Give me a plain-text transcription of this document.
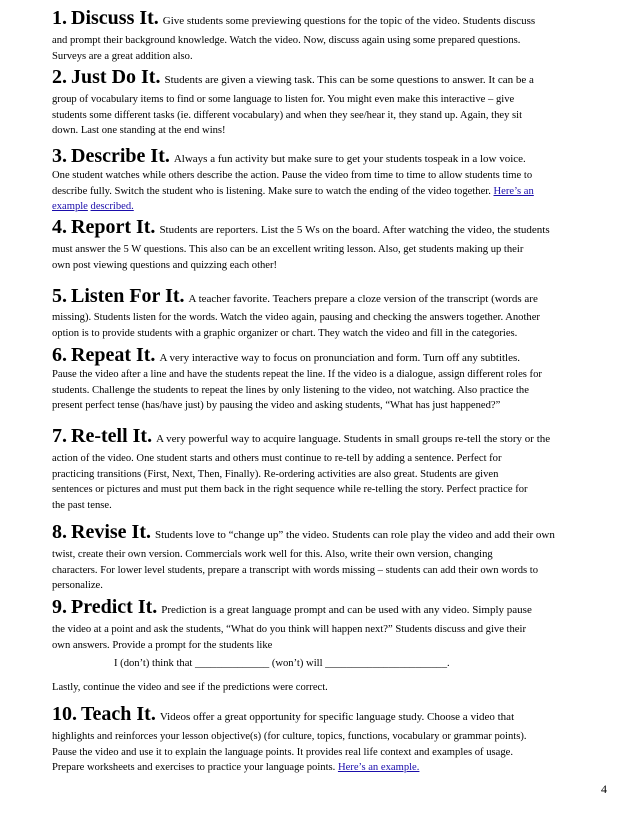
1. Discuss It. Give students some previewing questions for the topic of the video. Students discuss
and prompt their background knowledge. Watch the video. Now, discuss again using some prepared questions.
Surveys are a great addition also.
2. Just Do It. Students are given a viewing task. This can be some questions to answer. It can be a
group of vocabulary items to find or some language to listen for. You might even make this interactive – give
students some different tasks (ie. different vocabulary) and when they see/hear it, they stand up. Again, they sit
down. Last one standing at the end wins!
3. Describe It. Always a fun activity but make sure to get your students tospeak in a low voice.
One student watches while others describe the action. Pause the video from time to time to allow students time to
describe fully. Switch the student who is listening. Make sure to watch the ending of the video together. Here’s an
example described.
4. Report It. Students are reporters. List the 5 Ws on the board. After watching the video, the students
must answer the 5 W questions. This also can be an excellent writing lesson. Also, get students making up their
own post viewing questions and quizzing each other!
5. Listen For It. A teacher favorite. Teachers prepare a cloze version of the transcript (words are
missing). Students listen for the words. Watch the video again, pausing and checking the answers together. Another
option is to provide students with a graphic organizer or chart. They watch the video and fill in the categories.
6. Repeat It. A very interactive way to focus on pronunciation and form. Turn off any subtitles.
Pause the video after a line and have the students repeat the line. If the video is a dialogue, assign different roles for
students. Challenge the students to repeat the lines by only listening to the video, not watching. Also practice the
present perfect tense (has/have just) by pausing the video and asking students, “What has just happened?”
7. Re-tell It. A very powerful way to acquire language. Students in small groups re-tell the story or the
action of the video. One student starts and others must continue to re-tell by adding a sentence. Perfect for
practicing transitions (First, Next, Then, Finally). Re-ordering activities are also great. Students are given
sentences or pictures and must put them back in the right sequence while re-telling the story. Perfect practice for
the past tense.
8. Revise It. Students love to “change up” the video. Students can role play the video and add their own
twist, create their own version. Commercials work well for this. Also, write their own version, changing
characters. For lower level students, prepare a transcript with words missing – students can add their own words to
personalize.
9. Predict It. Prediction is a great language prompt and can be used with any video. Simply pause
the video at a point and ask the students, “What do you think will happen next?” Students discuss and give their
own answers. Provide a prompt for the students like
I (don’t) think that ______________ (won’t) will _______________________.
Lastly, continue the video and see if the predictions were correct.
10. Teach It. Videos offer a great opportunity for specific language study. Choose a video that
highlights and reinforces your lesson objective(s) (for culture, topics, functions, vocabulary or grammar points).
Pause the video and use it to explain the language points. It provides real life context and examples of usage.
Prepare worksheets and exercises to practice your language points. Here’s an example.
4
